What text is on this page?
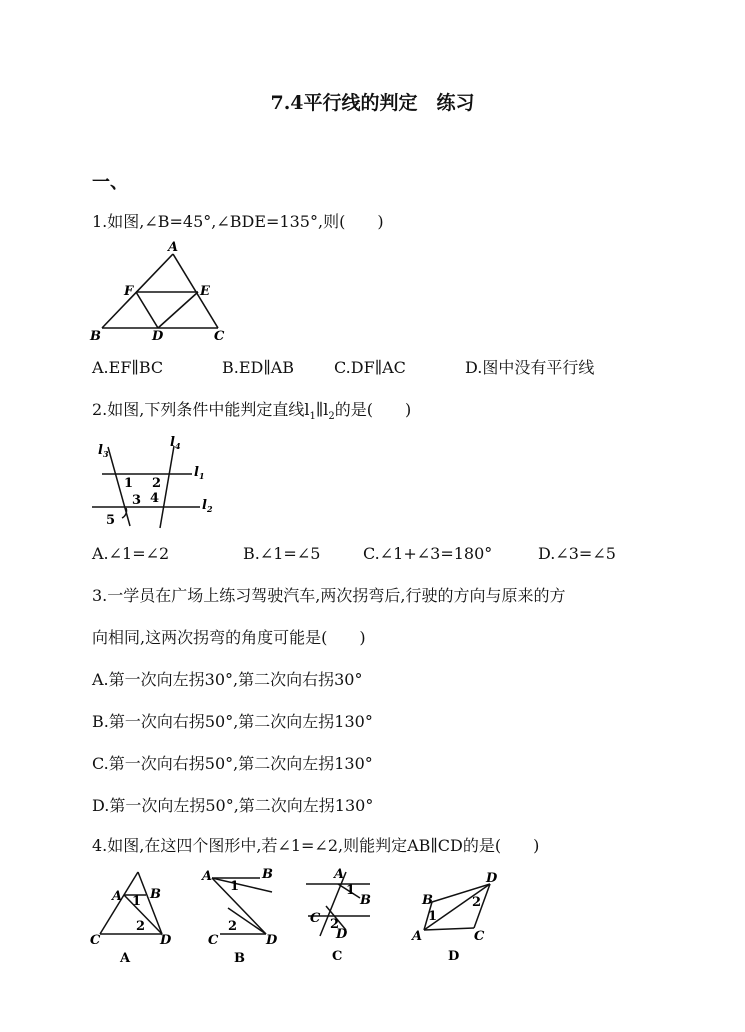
7.4平行线的判定　练习
一、
1.如图,∠B=45°,∠BDE=135°,则(　　)
A
F	E
B	D	C
A.EF∥BC	B.ED∥AB C.DF∥AC	D.图中没有平行线
2.如图,下列条件中能判定直线$l_1\parallel l_2$的是(　　)
$l_3$
$l_4$
$l_1$
$l_2$
1 2
3 4
5
A.∠1=∠2	B.∠1=∠5	C.∠1+∠3=180°	D.∠3=∠5
3.一学员在广场上练习驾驶汽车,两次拐弯后,行驶的方向与原来的方
向相同,这两次拐弯的角度可能是(　　)
A.第一次向左拐30°,第二次向右拐30°
B.第一次向右拐50°,第二次向左拐130°
C.第一次向右拐50°,第二次向左拐130°
D.第一次向左拐50°,第二次向左拐130°
4.如图,在这四个图形中,若∠1=∠2,则能判定AB∥CD的是(　　)
A B
C	D
1
2
A
A	B
C	D
1
2
B
A
B
C
D
1
2
C
B
D
A	C
1
2
D
